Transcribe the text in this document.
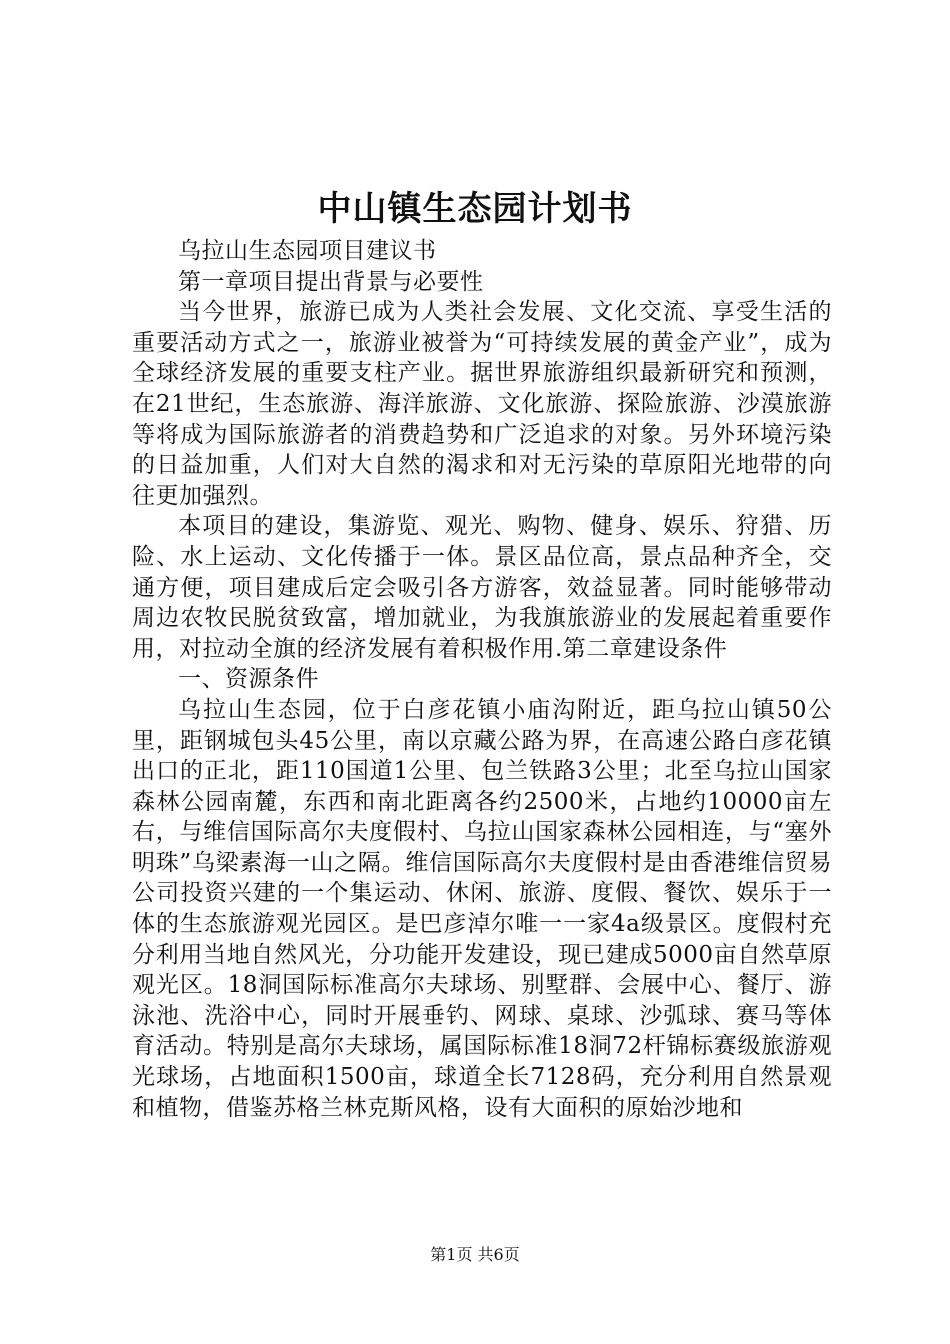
中山镇生态园计划书

乌拉山生态园项目建议书

第一章项目提出背景与必要性

当今世界，旅游已成为人类社会发展、文化交流、享受生活的重要活动方式之一，旅游业被誉为“可持续发展的黄金产业”，成为全球经济发展的重要支柱产业。据世界旅游组织最新研究和预测，在21世纪，生态旅游、海洋旅游、文化旅游、探险旅游、沙漠旅游等将成为国际旅游者的消费趋势和广泛追求的对象。另外环境污染的日益加重，人们对大自然的渴求和对无污染的草原阳光地带的向往更加强烈。

本项目的建设，集游览、观光、购物、健身、娱乐、狩猎、历险、水上运动、文化传播于一体。景区品位高，景点品种齐全，交通方便，项目建成后定会吸引各方游客，效益显著。同时能够带动周边农牧民脱贫致富，增加就业，为我旗旅游业的发展起着重要作用，对拉动全旗的经济发展有着积极作用.第二章建设条件

一、资源条件

乌拉山生态园，位于白彦花镇小庙沟附近，距乌拉山镇50公里，距钢城包头45公里，南以京藏公路为界，在高速公路白彦花镇出口的正北，距110国道1公里、包兰铁路3公里；北至乌拉山国家森林公园南麓，东西和南北距离各约2500米，占地约10000亩左右，与维信国际高尔夫度假村、乌拉山国家森林公园相连，与“塞外明珠”乌梁素海一山之隔。维信国际高尔夫度假村是由香港维信贸易公司投资兴建的一个集运动、休闲、旅游、度假、餐饮、娱乐于一体的生态旅游观光园区。是巴彦淖尔唯一一家4a级景区。度假村充分利用当地自然风光，分功能开发建设，现已建成5000亩自然草原观光区。18洞国际标准高尔夫球场、别墅群、会展中心、餐厅、游泳池、洗浴中心，同时开展垂钓、网球、桌球、沙弧球、赛马等体育活动。特别是高尔夫球场，属国际标准18洞72杆锦标赛级旅游观光球场，占地面积1500亩，球道全长7128码，充分利用自然景观和植物，借鉴苏格兰林克斯风格，设有大面积的原始沙地和

第1页 共6页
